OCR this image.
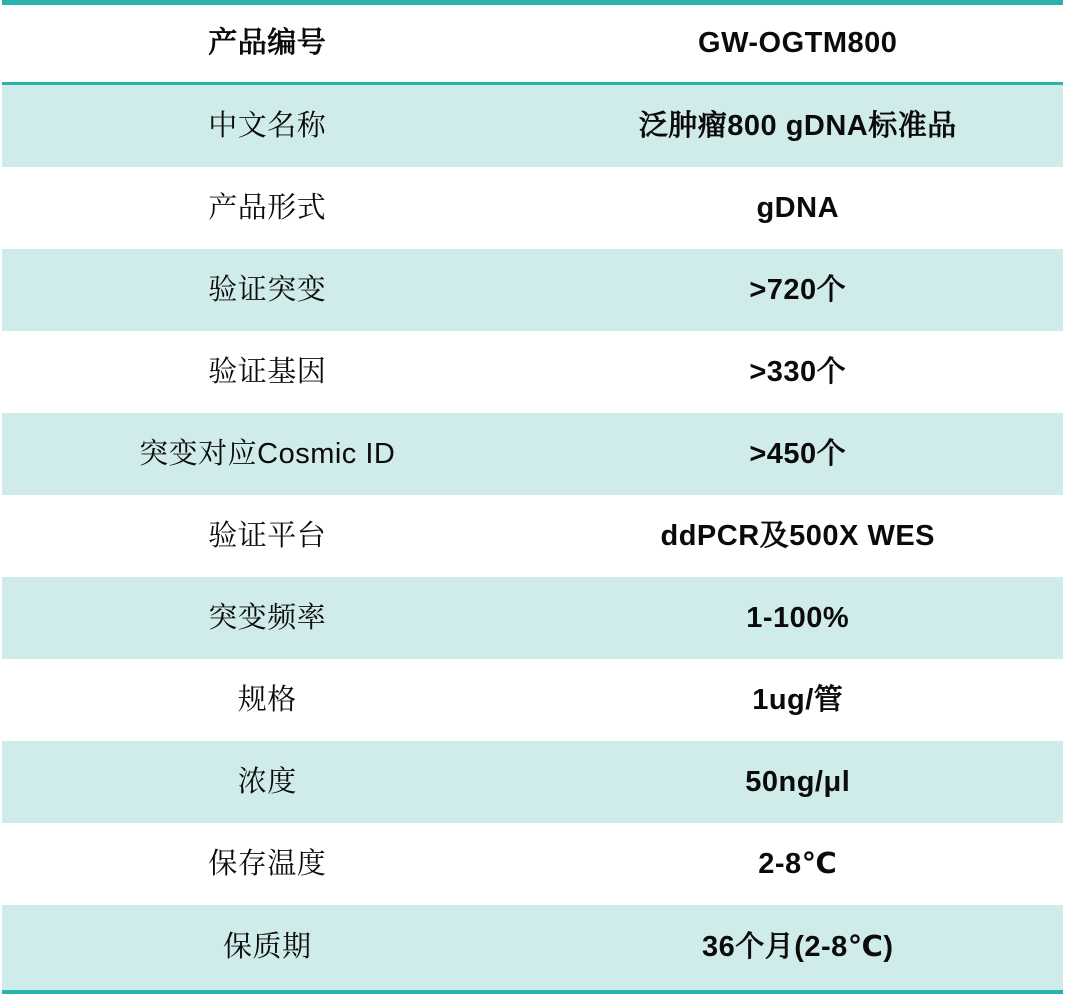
产品编号	GW-OGTM800
中文名称	泛肿瘤800 gDNA标准品
产品形式	gDNA
验证突变	>720个
验证基因	>330个
突变对应Cosmic ID	>450个
验证平台	ddPCR及500X WES
突变频率	1-100%
规格	1ug/管
浓度	50ng/μl
保存温度	2-8℃
保质期	36个月(2-8℃)
